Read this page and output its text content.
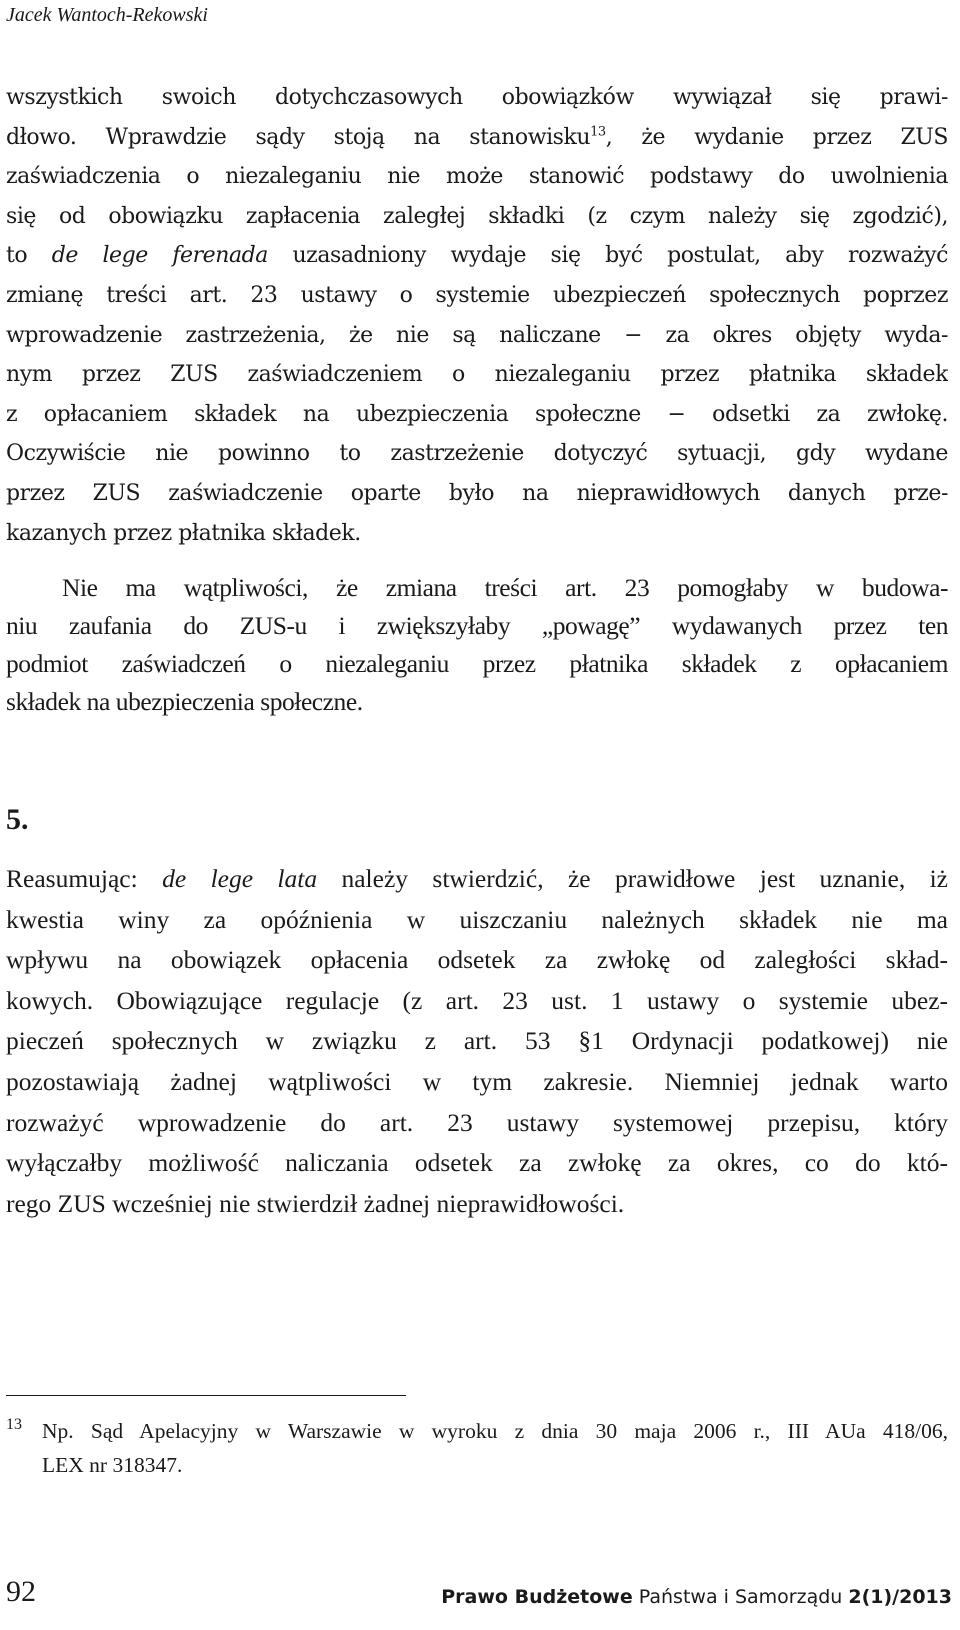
Jacek Wantoch-Rekowski
wszystkich swoich dotychczasowych obowiązków wywiązał się prawi-
dłowo. Wprawdzie sądy stoją na stanowisku$^{13}$, że wydanie przez ZUS
zaświadczenia o niezaleganiu nie może stanowić podstawy do uwolnienia
się od obowiązku zapłacenia zaległej składki (z czym należy się zgodzić),
to de lege ferenada uzasadniony wydaje się być postulat, aby rozważyć
zmianę treści art. 23 ustawy o systemie ubezpieczeń społecznych poprzez
wprowadzenie zastrzeżenia, że nie są naliczane − za okres objęty wyda-
nym przez ZUS zaświadczeniem o niezaleganiu przez płatnika składek
z opłacaniem składek na ubezpieczenia społeczne − odsetki za zwłokę.
Oczywiście nie powinno to zastrzeżenie dotyczyć sytuacji, gdy wydane
przez ZUS zaświadczenie oparte było na nieprawidłowych danych prze-
kazanych przez płatnika składek.
Nie ma wątpliwości, że zmiana treści art. 23 pomogłaby w budowa-
niu zaufania do ZUS-u i zwiększyłaby „powagę” wydawanych przez ten
podmiot zaświadczeń o niezaleganiu przez płatnika składek z opłacaniem
składek na ubezpieczenia społeczne.
5.
Reasumując: de lege lata należy stwierdzić, że prawidłowe jest uznanie, iż
kwestia winy za opóźnienia w uiszczaniu należnych składek nie ma
wpływu na obowiązek opłacenia odsetek za zwłokę od zaległości skład-
kowych. Obowiązujące regulacje (z art. 23 ust. 1 ustawy o systemie ubez-
pieczeń społecznych w związku z art. 53 §1 Ordynacji podatkowej) nie
pozostawiają żadnej wątpliwości w tym zakresie. Niemniej jednak warto
rozważyć wprowadzenie do art. 23 ustawy systemowej przepisu, który
wyłączałby możliwość naliczania odsetek za zwłokę za okres, co do któ-
rego ZUS wcześniej nie stwierdził żadnej nieprawidłowości.
13 Np. Sąd Apelacyjny w Warszawie w wyroku z dnia 30 maja 2006 r., III AUa 418/06,
LEX nr 318347.
92	Prawo Budżetowe Państwa i Samorządu 2(1)/2013
